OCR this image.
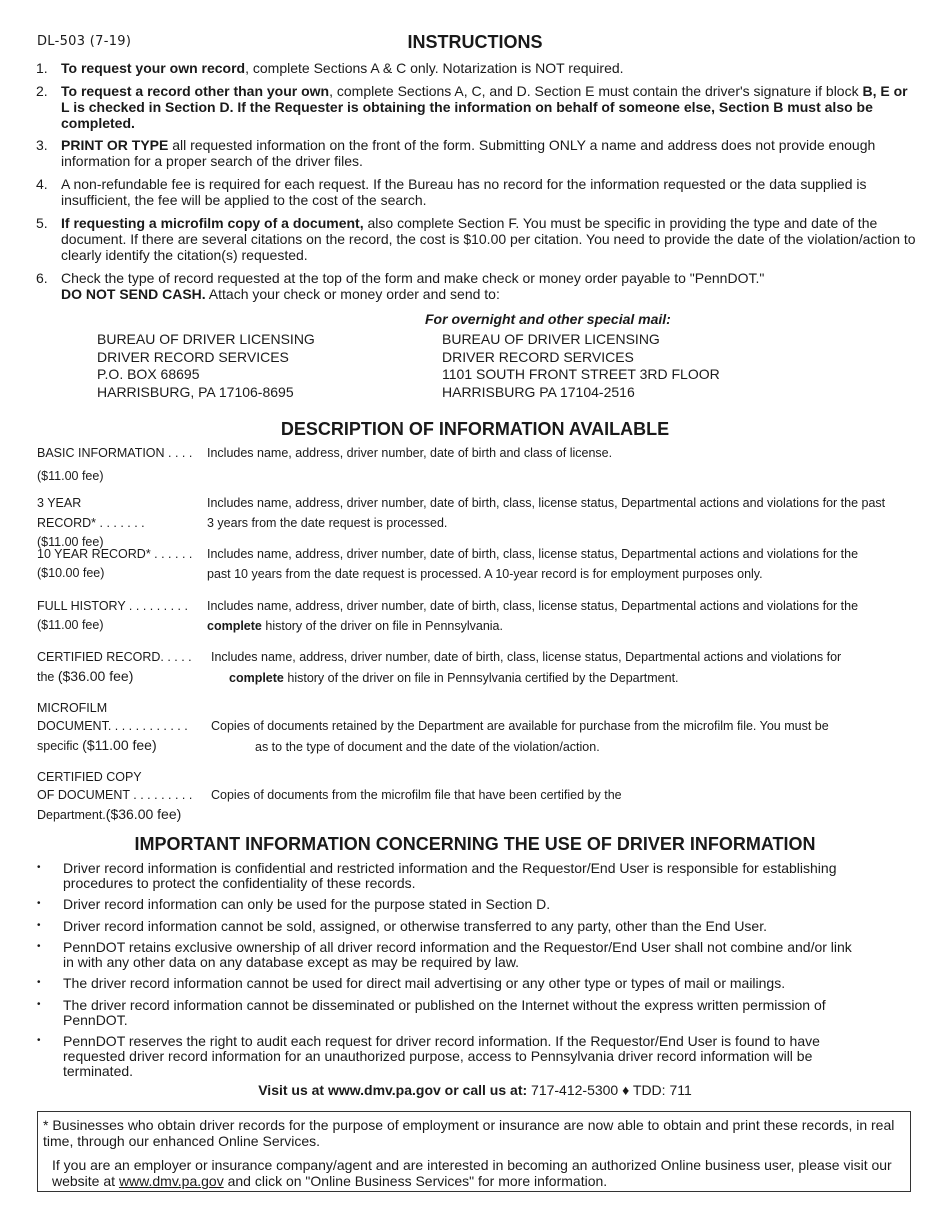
DL-503 (7-19)	INSTRUCTIONS
1. To request your own record, complete Sections A & C only. Notarization is NOT required.
2. To request a record other than your own, complete Sections A, C, and D. Section E must contain the driver's signature if block B, E or L is checked in Section D. If the Requester is obtaining the information on behalf of someone else, Section B must also be completed.
3. PRINT OR TYPE all requested information on the front of the form. Submitting ONLY a name and address does not provide enough information for a proper search of the driver files.
4. A non-refundable fee is required for each request. If the Bureau has no record for the information requested or the data supplied is insufficient, the fee will be applied to the cost of the search.
5. If requesting a microfilm copy of a document, also complete Section F. You must be specific in providing the type and date of the document. If there are several citations on the record, the cost is $10.00 per citation. You need to provide the date of the violation/action to clearly identify the citation(s) requested.
6. Check the type of record requested at the top of the form and make check or money order payable to "PennDOT."
DO NOT SEND CASH. Attach your check or money order and send to:
For overnight and other special mail:
BUREAU OF DRIVER LICENSING
DRIVER RECORD SERVICES
P.O. BOX 68695
HARRISBURG, PA 17106-8695
BUREAU OF DRIVER LICENSING
DRIVER RECORD SERVICES
1101 SOUTH FRONT STREET 3RD FLOOR
HARRISBURG PA 17104-2516
DESCRIPTION OF INFORMATION AVAILABLE
BASIC INFORMATION . . . .	Includes name, address, driver number, date of birth and class of license.
($11.00 fee)
3 YEAR
RECORD* . . . . . . .
($11.00 fee)
Includes name, address, driver number, date of birth, class, license status, Departmental actions and violations for the past
3 years from the date request is processed.
10 YEAR RECORD* . . . . . .
($10.00 fee)
Includes name, address, driver number, date of birth, class, license status, Departmental actions and violations for the
past 10 years from the date request is processed. A 10-year record is for employment purposes only.
FULL HISTORY . . . . . . . . .
($11.00 fee)
Includes name, address, driver number, date of birth, class, license status, Departmental actions and violations for the
complete history of the driver on file in Pennsylvania.
CERTIFIED RECORD. . . . .
the ($36.00 fee)
Includes name, address, driver number, date of birth, class, license status, Departmental actions and violations for
complete history of the driver on file in Pennsylvania certified by the Department.
MICROFILM
DOCUMENT. . . . . . . . . . . .
specific ($11.00 fee)
Copies of documents retained by the Department are available for purchase from the microfilm file. You must be
as to the type of document and the date of the violation/action.
CERTIFIED COPY
OF DOCUMENT . . . . . . . . .
Department.($36.00 fee)
Copies of documents from the microfilm file that have been certified by the
IMPORTANT INFORMATION CONCERNING THE USE OF DRIVER INFORMATION
• Driver record information is confidential and restricted information and the Requestor/End User is responsible for establishing procedures to protect the confidentiality of these records.
• Driver record information can only be used for the purpose stated in Section D.
• Driver record information cannot be sold, assigned, or otherwise transferred to any party, other than the End User.
• PennDOT retains exclusive ownership of all driver record information and the Requestor/End User shall not combine and/or link in with any other data on any database except as may be required by law.
• The driver record information cannot be used for direct mail advertising or any other type or types of mail or mailings.
• The driver record information cannot be disseminated or published on the Internet without the express written permission of PennDOT.
• PennDOT reserves the right to audit each request for driver record information. If the Requestor/End User is found to have requested driver record information for an unauthorized purpose, access to Pennsylvania driver record information will be terminated.
Visit us at www.dmv.pa.gov or call us at: 717-412-5300 ♦ TDD: 711

* Businesses who obtain driver records for the purpose of employment or insurance are now able to obtain and print these records, in real time, through our enhanced Online Services.

If you are an employer or insurance company/agent and are interested in becoming an authorized Online business user, please visit our website at www.dmv.pa.gov and click on "Online Business Services" for more information.
